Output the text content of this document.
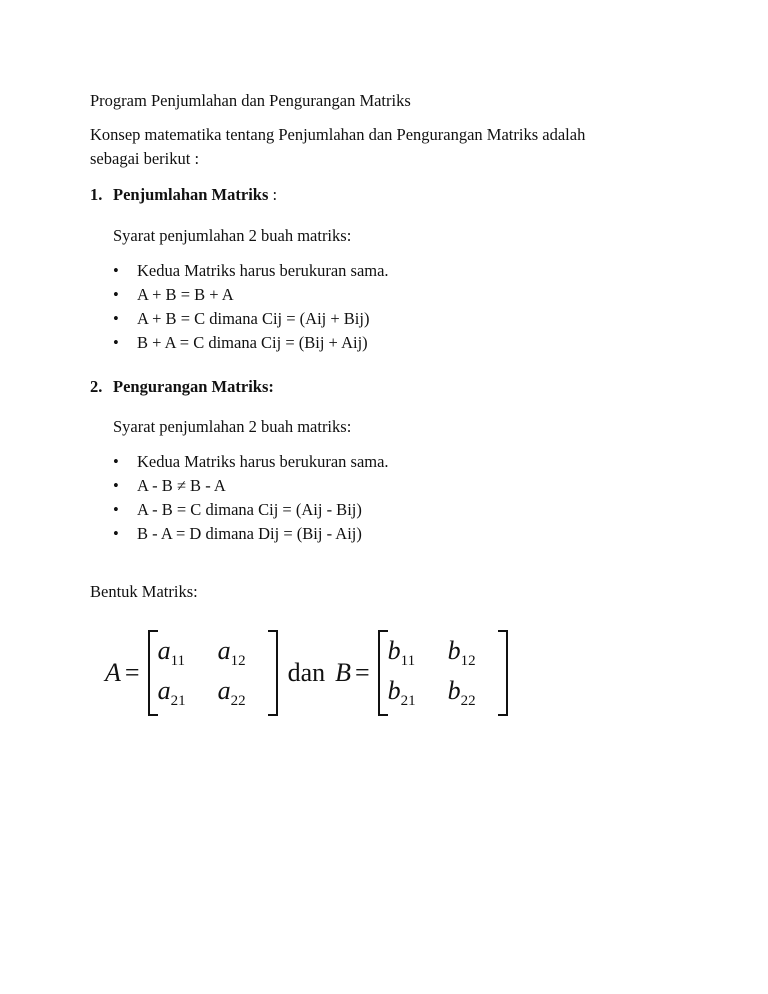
Program Penjumlahan dan Pengurangan Matriks
Konsep matematika tentang Penjumlahan dan Pengurangan Matriks adalah
sebagai berikut :
1. Penjumlahan Matriks :
Syarat penjumlahan 2 buah matriks:
• Kedua Matriks harus berukuran sama.
• A + B = B + A
• A + B = C dimana Cij = (Aij + Bij)
• B + A = C dimana Cij = (Bij + Aij)
2. Pengurangan Matriks:
Syarat penjumlahan 2 buah matriks:
• Kedua Matriks harus berukuran sama.
• A - B ≠ B - A
• A - B = C dimana Cij = (Aij - Bij)
• B - A = D dimana Dij = (Bij - Aij)
Bentuk Matriks:
A =
$a_{11}$	$a_{12}$
$a_{21}$	$a_{22}$
dan B =
$b_{11}$	$b_{12}$
$b_{21}$	$b_{22}$
